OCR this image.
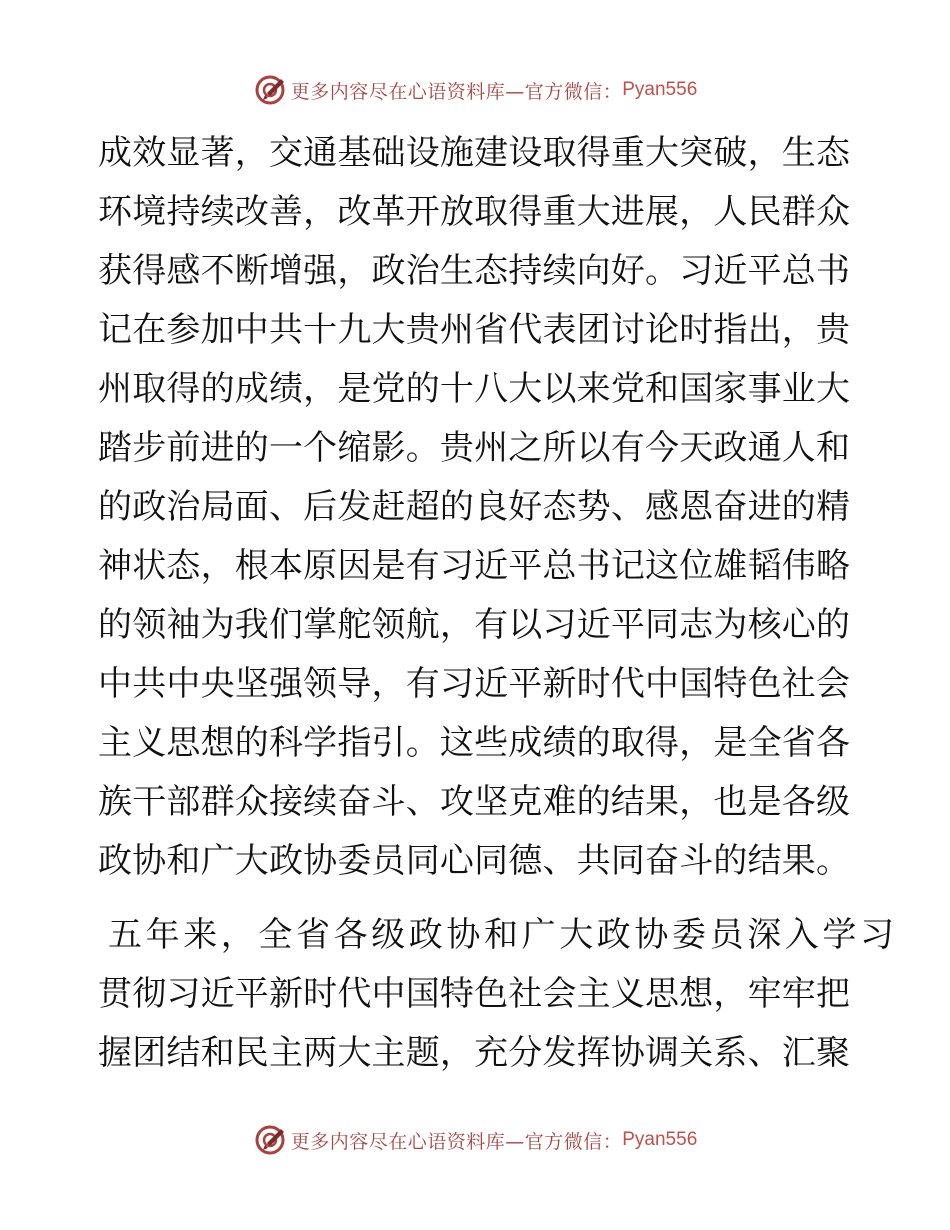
更多内容尽在心语资料库—官方微信： Pyan556
成效显著，交通基础设施建设取得重大突破，生态
环境持续改善，改革开放取得重大进展，人民群众
获得感不断增强，政治生态持续向好。习近平总书
记在参加中共十九大贵州省代表团讨论时指出，贵
州取得的成绩，是党的十八大以来党和国家事业大
踏步前进的一个缩影。贵州之所以有今天政通人和
的政治局面、后发赶超的良好态势、感恩奋进的精
神状态，根本原因是有习近平总书记这位雄韬伟略
的领袖为我们掌舵领航，有以习近平同志为核心的
中共中央坚强领导，有习近平新时代中国特色社会
主义思想的科学指引。这些成绩的取得，是全省各
族干部群众接续奋斗、攻坚克难的结果，也是各级
政协和广大政协委员同心同德、共同奋斗的结果。
五年来，全省各级政协和广大政协委员深入学习
贯彻习近平新时代中国特色社会主义思想，牢牢把
握团结和民主两大主题，充分发挥协调关系、汇聚
更多内容尽在心语资料库—官方微信： Pyan556
